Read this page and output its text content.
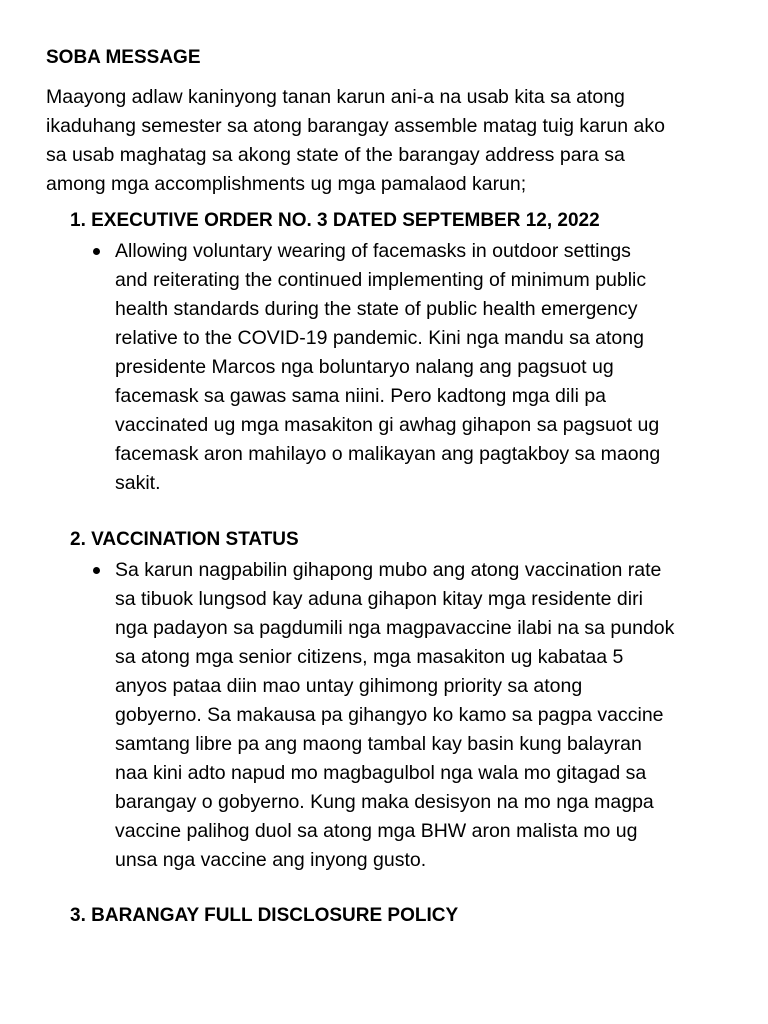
SOBA MESSAGE
Maayong adlaw kaninyong tanan karun ani-a na usab kita sa atong
ikaduhang semester sa atong barangay assemble matag tuig karun ako
sa usab maghatag sa akong state of the barangay address para sa
among mga accomplishments ug mga pamalaod karun;
1. EXECUTIVE ORDER NO. 3 DATED SEPTEMBER 12, 2022
Allowing voluntary wearing of facemasks in outdoor settings
and reiterating the continued implementing of minimum public
health standards during the state of public health emergency
relative to the COVID-19 pandemic. Kini nga mandu sa atong
presidente Marcos nga boluntaryo nalang ang pagsuot ug
facemask sa gawas sama niini. Pero kadtong mga dili pa
vaccinated ug mga masakiton gi awhag gihapon sa pagsuot ug
facemask aron mahilayo o malikayan ang pagtakboy sa maong
sakit.
2. VACCINATION STATUS
Sa karun nagpabilin gihapong mubo ang atong vaccination rate
sa tibuok lungsod kay aduna gihapon kitay mga residente diri
nga padayon sa pagdumili nga magpavaccine ilabi na sa pundok
sa atong mga senior citizens, mga masakiton ug kabataa 5
anyos pataa diin mao untay gihimong priority sa atong
gobyerno. Sa makausa pa gihangyo ko kamo sa pagpa vaccine
samtang libre pa ang maong tambal kay basin kung balayran
naa kini adto napud mo magbagulbol nga wala mo gitagad sa
barangay o gobyerno. Kung maka desisyon na mo nga magpa
vaccine palihog duol sa atong mga BHW aron malista mo ug
unsa nga vaccine ang inyong gusto.
3. BARANGAY FULL DISCLOSURE POLICY
